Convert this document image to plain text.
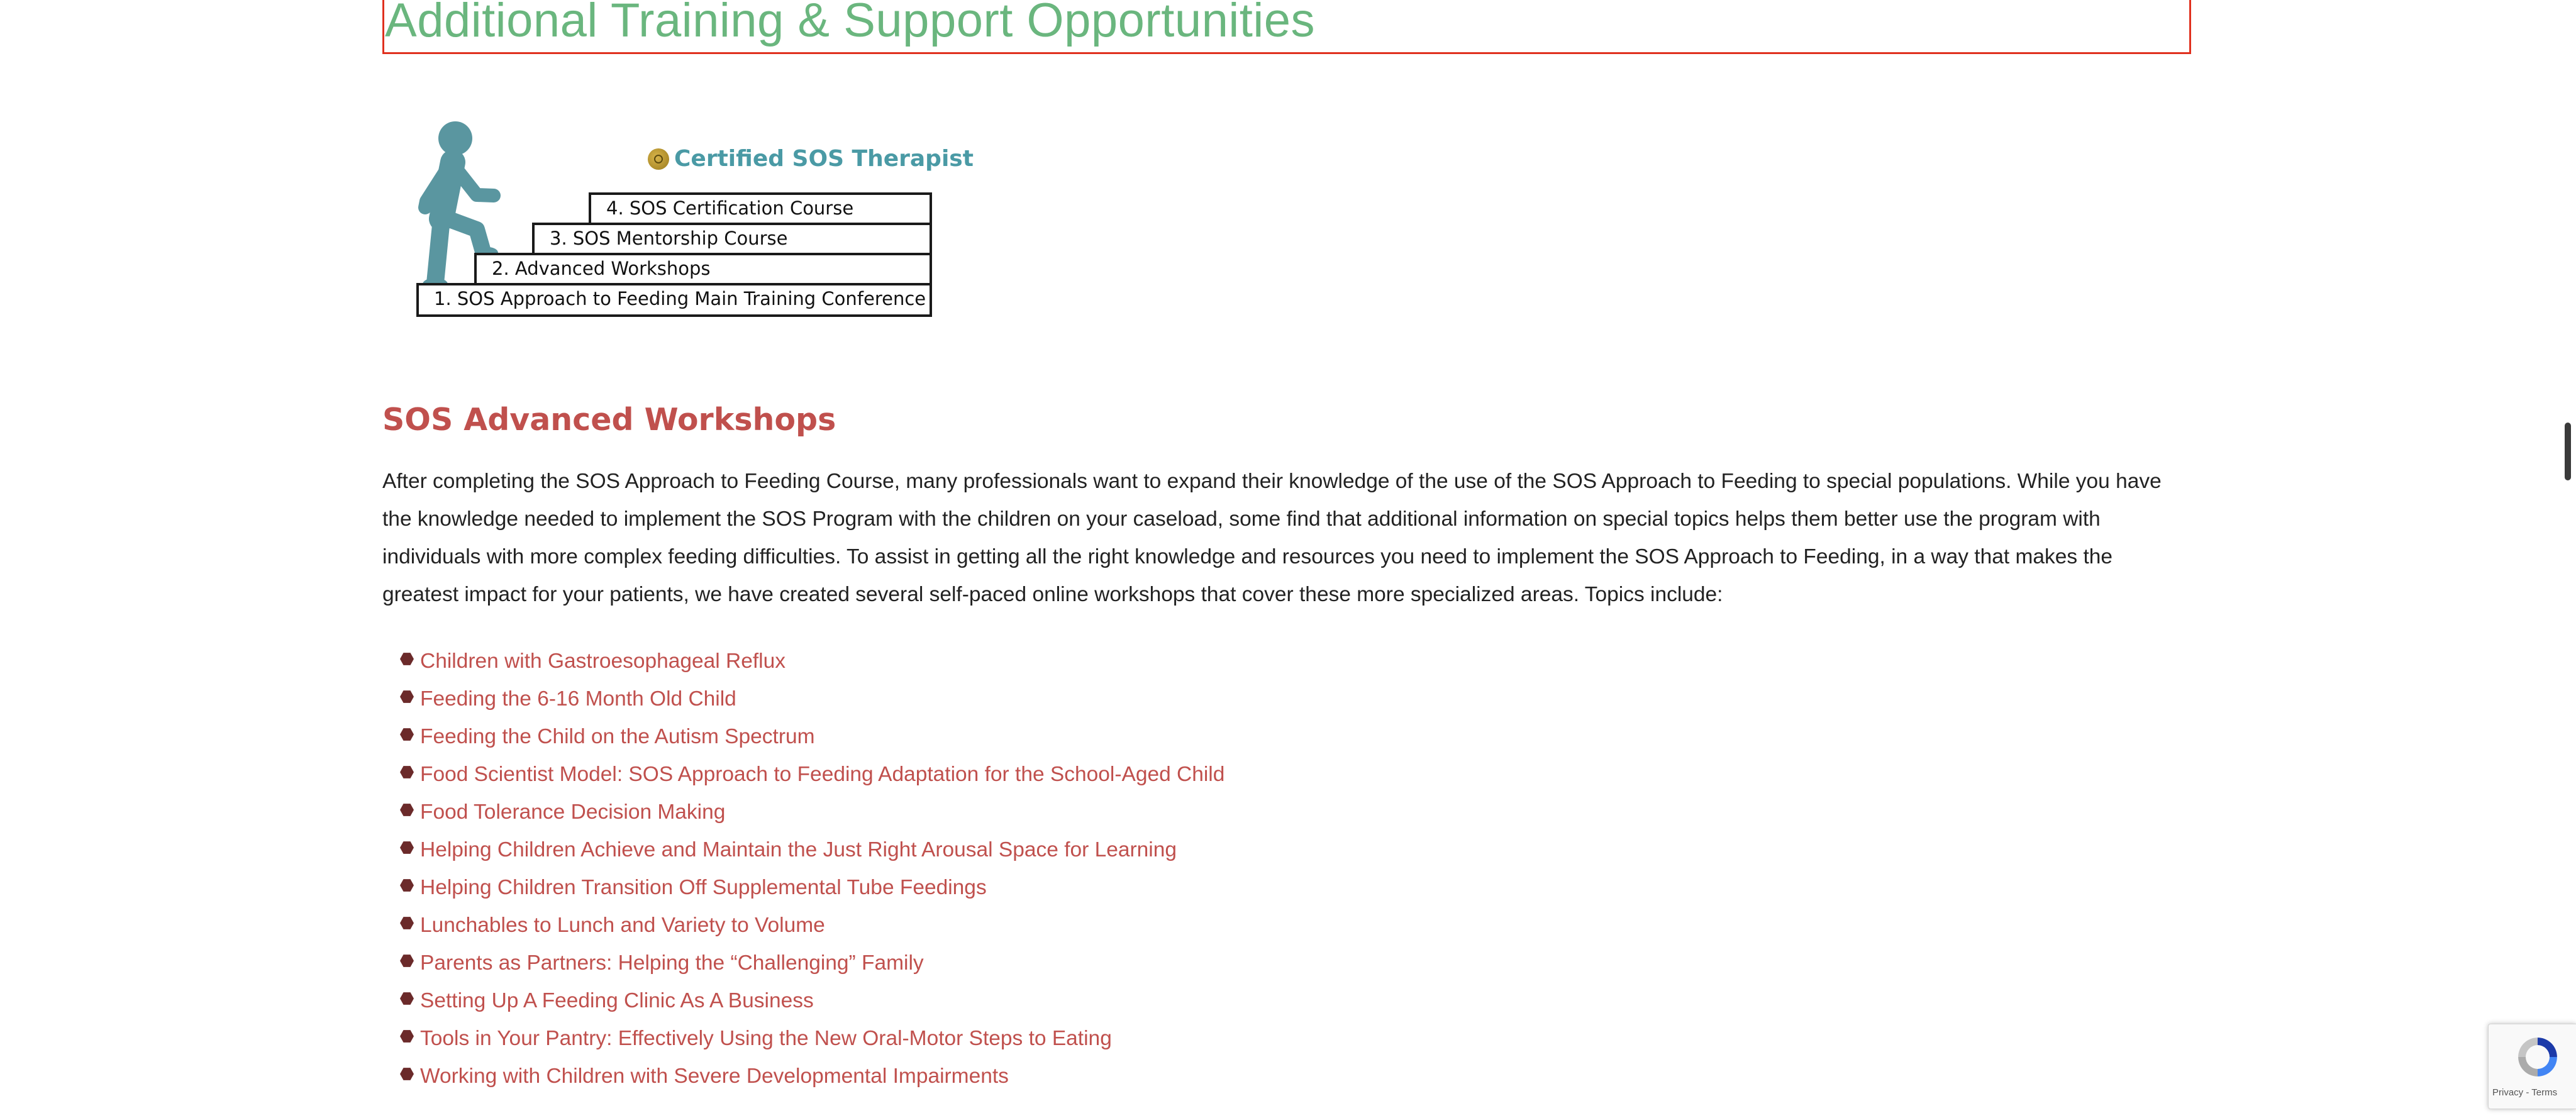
Additional Training & Support Opportunities
Certified SOS Therapist
4. SOS Certification Course
3. SOS Mentorship Course
2. Advanced Workshops
1. SOS Approach to Feeding Main Training Conference
SOS Advanced Workshops
After completing the SOS Approach to Feeding Course, many professionals want to expand their knowledge of the use of the SOS Approach to Feeding to special populations. While you have the knowledge needed to implement the SOS Program with the children on your caseload, some find that additional information on special topics helps them better use the program with individuals with more complex feeding difficulties. To assist in getting all the right knowledge and resources you need to implement the SOS Approach to Feeding, in a way that makes the greatest impact for your patients, we have created several self-paced online workshops that cover these more specialized areas. Topics include:
Children with Gastroesophageal Reflux
Feeding the 6-16 Month Old Child
Feeding the Child on the Autism Spectrum
Food Scientist Model: SOS Approach to Feeding Adaptation for the School-Aged Child
Food Tolerance Decision Making
Helping Children Achieve and Maintain the Just Right Arousal Space for Learning
Helping Children Transition Off Supplemental Tube Feedings
Lunchables to Lunch and Variety to Volume
Parents as Partners: Helping the “Challenging” Family
Setting Up A Feeding Clinic As A Business
Tools in Your Pantry: Effectively Using the New Oral-Motor Steps to Eating
Working with Children with Severe Developmental Impairments
Privacy - Terms
